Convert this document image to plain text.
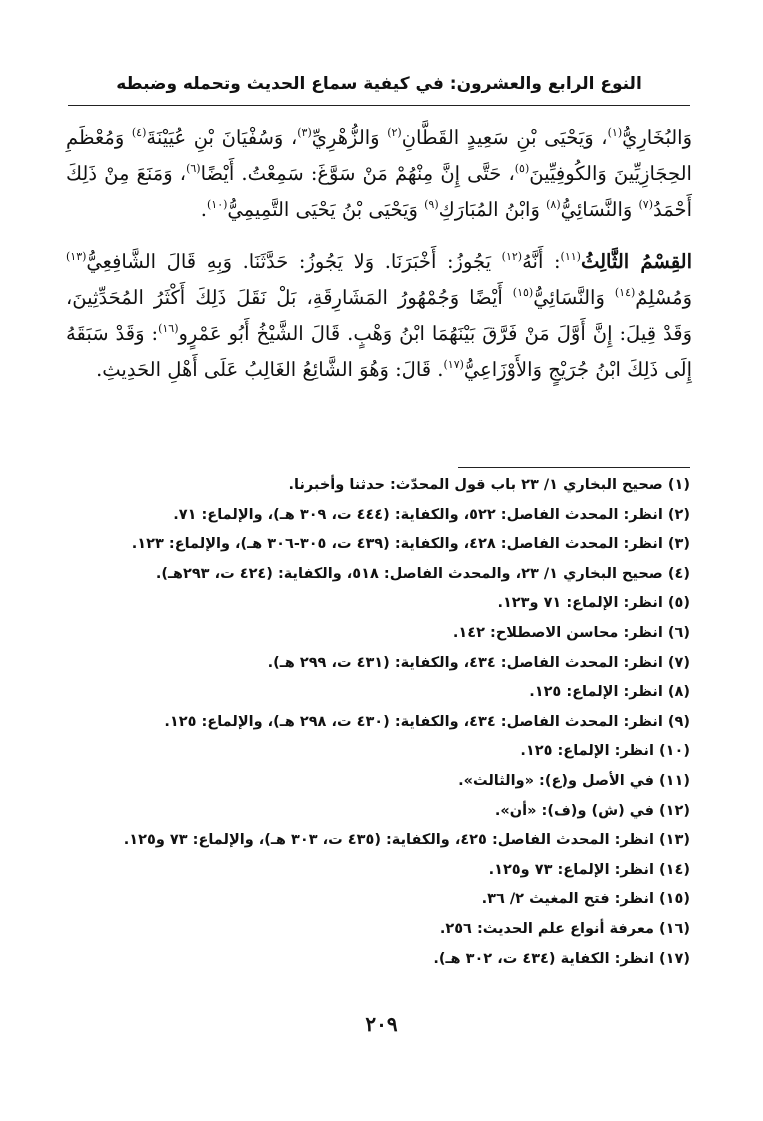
النوع الرابع والعشرون: في كيفية سماع الحديث وتحمله وضبطه

وَالبُخَارِيُّ$^{(١)}$، وَيَحْيَى بْنِ سَعِيدٍ القَطَّانِ$^{(٢)}$ وَالزُّهْرِيِّ$^{(٣)}$، وَسُفْيَانَ بْنِ عُيَيْنَةَ$^{(٤)}$ وَمُعْظَمِ الحِجَازِيِّينَ وَالكُوفِيِّينَ$^{(٥)}$، حَتَّى إِنَّ مِنْهُمْ مَنْ سَوَّغَ: سَمِعْتُ. أَيْضًا$^{(٦)}$، وَمَنَعَ مِنْ ذَلِكَ أَحْمَدُ$^{(٧)}$ وَالنَّسَائِيُّ$^{(٨)}$ وَابْنُ المُبَارَكِ$^{(٩)}$ وَيَحْيَى بْنُ يَحْيَى التَّمِيمِيُّ$^{(١٠)}$.

القِسْمُ الثَّالِثُ$^{(١١)}$: أَنَّهُ$^{(١٢)}$ يَجُوزُ: أَخْبَرَنَا. وَلا يَجُوزُ: حَدَّثَنَا. وَبِهِ قَالَ الشَّافِعِيُّ$^{(١٣)}$ وَمُسْلِمٌ$^{(١٤)}$ وَالنَّسَائِيُّ$^{(١٥)}$ أَيْضًا وَجُمْهُورُ المَشَارِقَةِ، بَلْ نَقَلَ ذَلِكَ أَكْثَرُ المُحَدِّثِينَ، وَقَدْ قِيلَ: إِنَّ أَوَّلَ مَنْ فَرَّقَ بَيْنَهُمَا ابْنُ وَهْبٍ. قَالَ الشَّيْخُ أَبُو عَمْرٍو$^{(١٦)}$: وَقَدْ سَبَقَهُ إِلَى ذَلِكَ ابْنُ جُرَيْجٍ وَالأَوْزَاعِيُّ$^{(١٧)}$. قَالَ: وَهُوَ الشَّائِعُ الغَالِبُ عَلَى أَهْلِ الحَدِيثِ.

(١) صحيح البخاري ١/ ٢٣ باب قول المحدّث: حدثنا وأخبرنا.
(٢) انظر: المحدث الفاصل: ٥٢٢، والكفاية: (٤٤٤ ت، ٣٠٩ هـ)، والإلماع: ٧١.
(٣) انظر: المحدث الفاصل: ٤٢٨، والكفاية: (٤٣٩ ت، ٣٠٥-٣٠٦ هـ)، والإلماع: ١٢٣.
(٤) صحيح البخاري ١/ ٢٣، والمحدث الفاصل: ٥١٨، والكفاية: (٤٢٤ ت، ٢٩٣هـ).
(٥) انظر: الإلماع: ٧١ و١٢٣.
(٦) انظر: محاسن الاصطلاح: ١٤٢.
(٧) انظر: المحدث الفاصل: ٤٣٤، والكفاية: (٤٣١ ت، ٢٩٩ هـ).
(٨) انظر: الإلماع: ١٢٥.
(٩) انظر: المحدث الفاصل: ٤٣٤، والكفاية: (٤٣٠ ت، ٢٩٨ هـ)، والإلماع: ١٢٥.
(١٠) انظر: الإلماع: ١٢٥.
(١١) في الأصل و(ع): «والثالث».
(١٢) في (ش) و(ف): «أن».
(١٣) انظر: المحدث الفاصل: ٤٢٥، والكفاية: (٤٣٥ ت، ٣٠٣ هـ)، والإلماع: ٧٣ و١٢٥.
(١٤) انظر: الإلماع: ٧٣ و١٢٥.
(١٥) انظر: فتح المغيث ٢/ ٣٦.
(١٦) معرفة أنواع علم الحديث: ٢٥٦.
(١٧) انظر: الكفاية (٤٣٤ ت، ٣٠٢ هـ).
٢٠٩
